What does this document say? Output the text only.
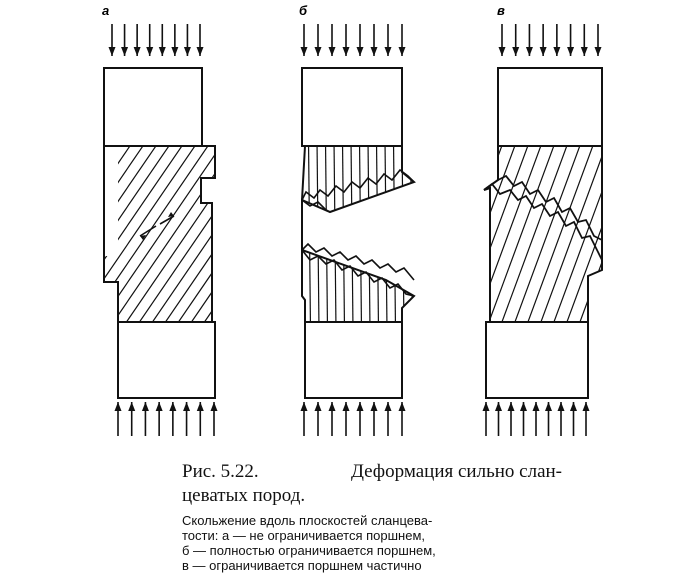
а	б	в
Рис. 5.22.	Деформация сильно слан-
цеватых пород.
Скольжение вдоль плоскостей сланцева-
тости: а — не ограничивается поршнем,
б — полностью ограничивается поршнем,
в — ограничивается поршнем частично
